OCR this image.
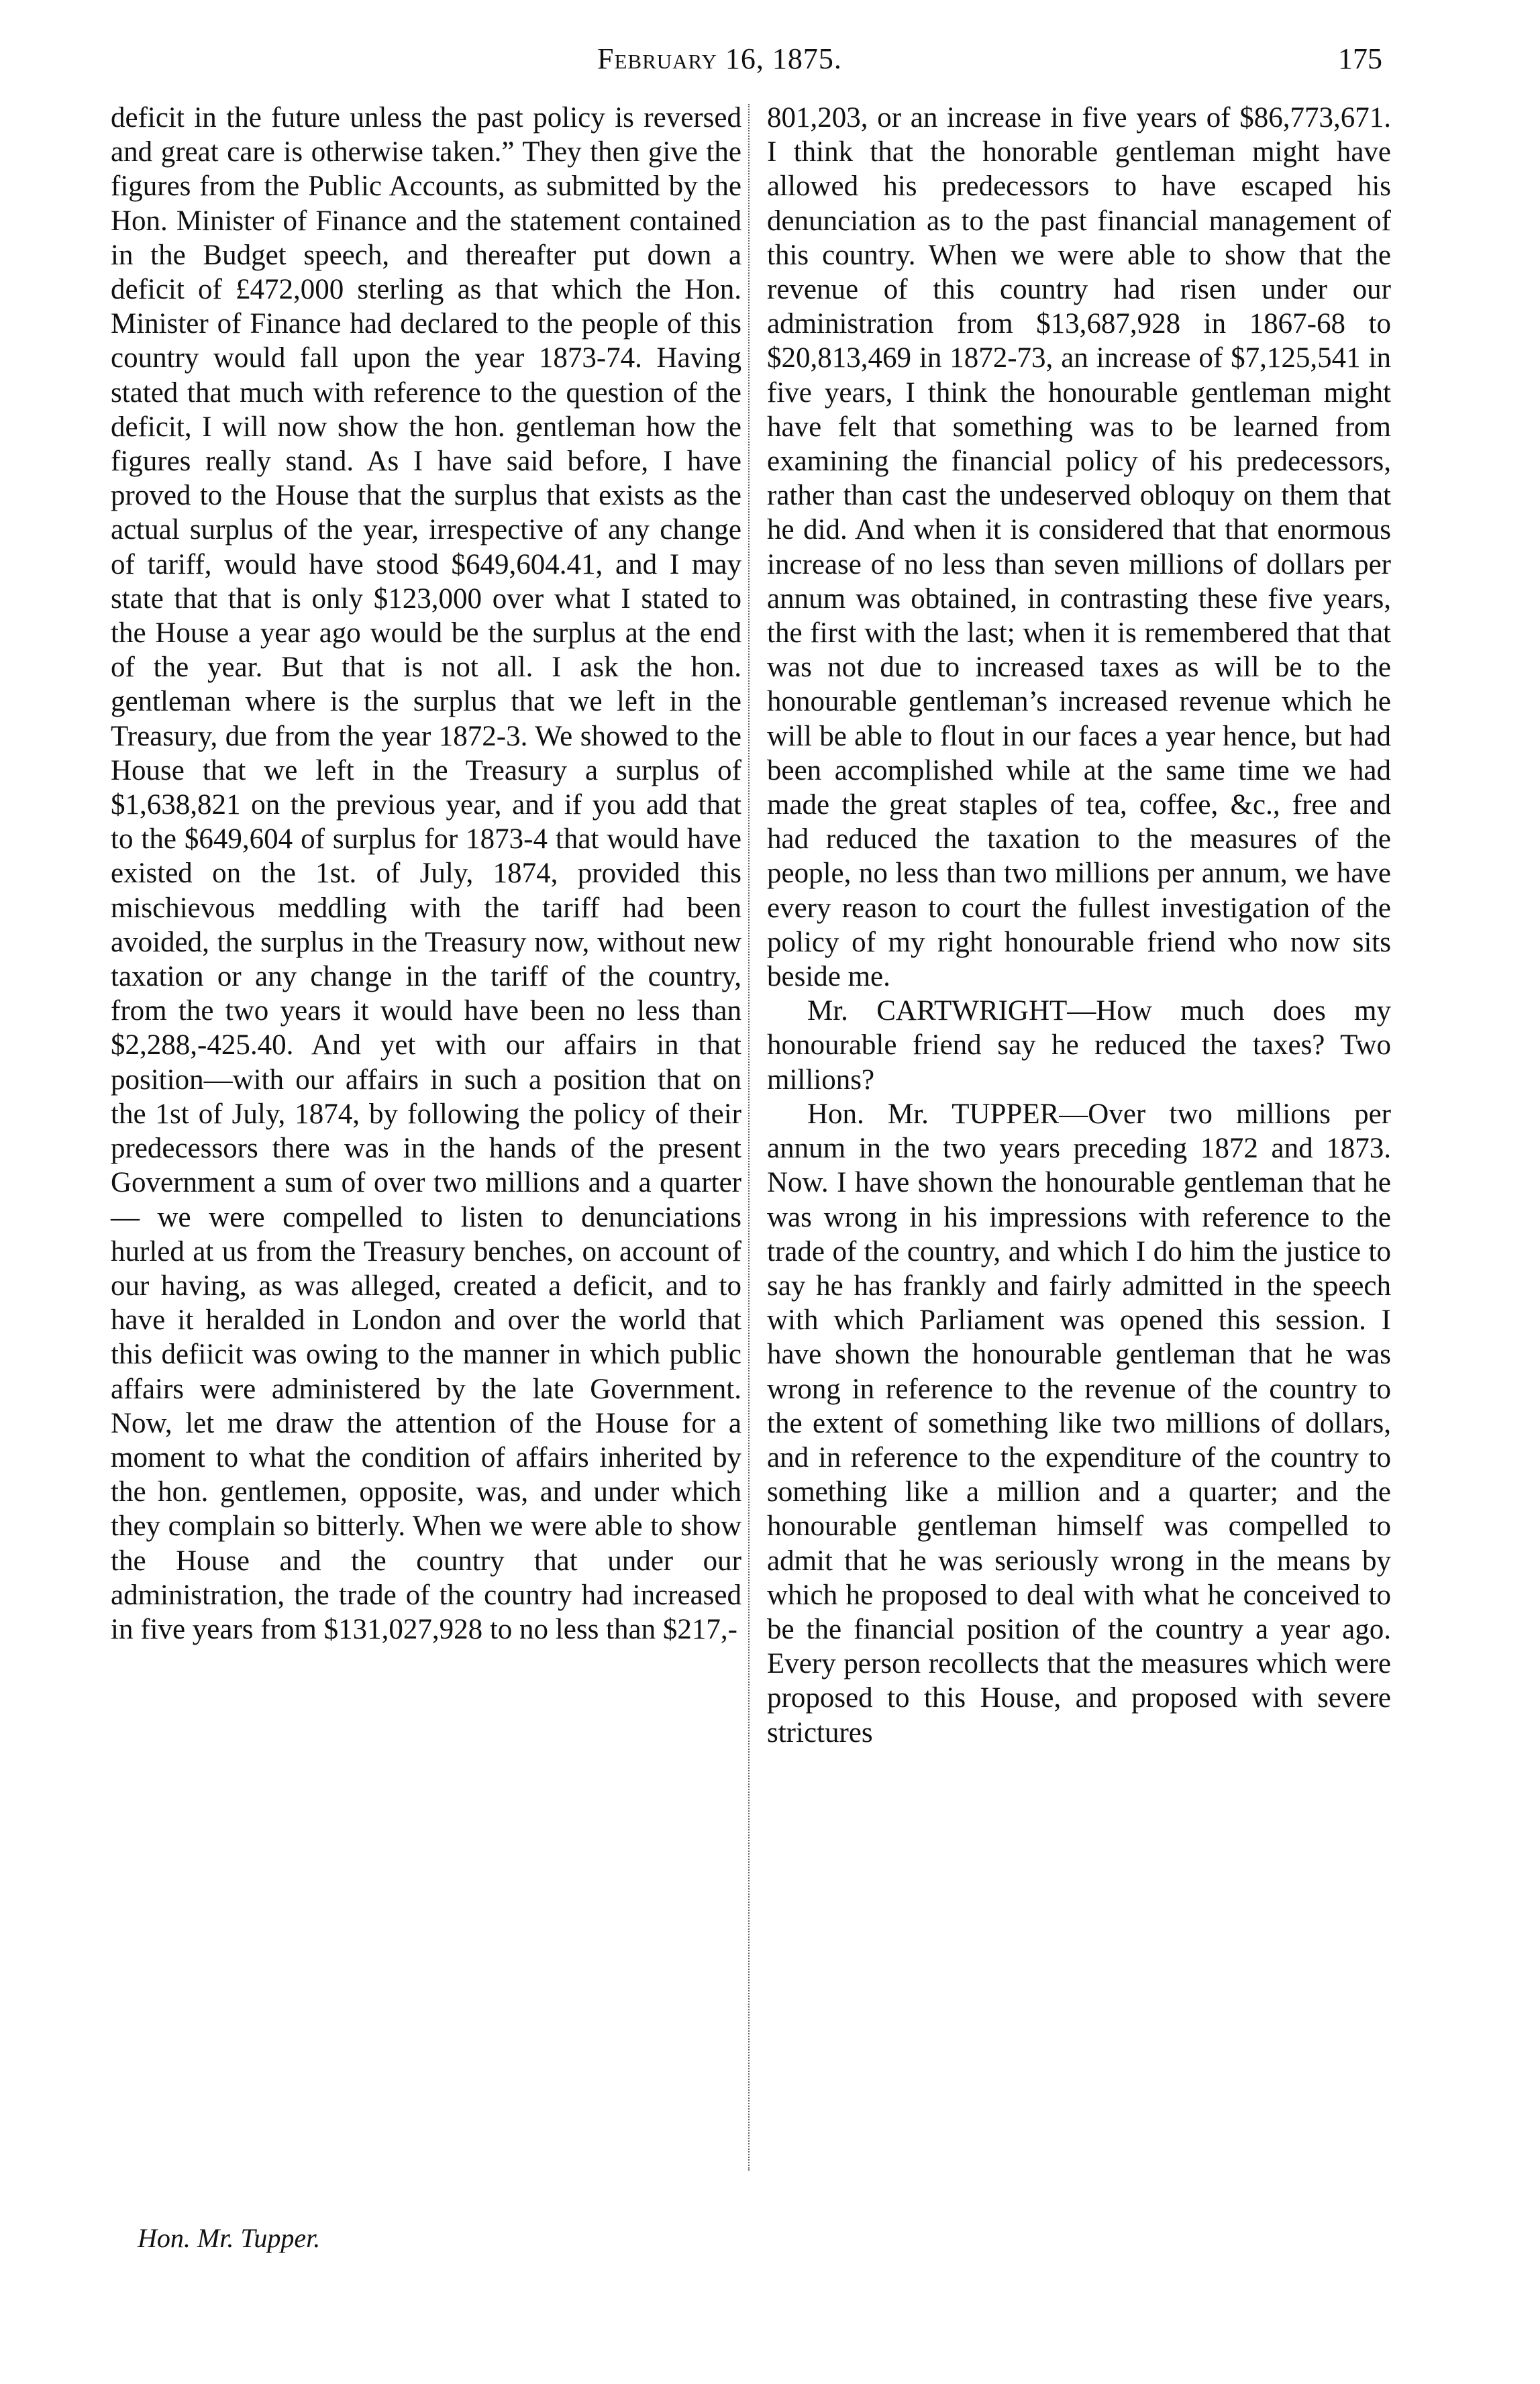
February 16, 1875.	175

deficit in the future unless the past policy is reversed and great care is otherwise taken.” They then give the figures from the Public Accounts, as submitted by the Hon. Minister of Finance and the statement contained in the Budget speech, and thereafter put down a deficit of £472,000 sterling as that which the Hon. Minister of Finance had declared to the people of this country would fall upon the year 1873-74. Having stated that much with reference to the question of the deficit, I will now show the hon. gentleman how the figures really stand. As I have said before, I have proved to the House that the surplus that exists as the actual surplus of the year, irrespective of any change of tariff, would have stood $649,604.41, and I may state that that is only $123,000 over what I stated to the House a year ago would be the surplus at the end of the year. But that is not all. I ask the hon. gentleman where is the surplus that we left in the Treasury, due from the year 1872-3. We showed to the House that we left in the Treasury a surplus of $1,638,821 on the previous year, and if you add that to the $649,604 of surplus for 1873-4 that would have existed on the 1st. of July, 1874, provided this mischievous meddling with the tariff had been avoided, the surplus in the Treasury now, without new taxation or any change in the tariff of the country, from the two years it would have been no less than $2,288,-425.40. And yet with our affairs in that position—with our affairs in such a position that on the 1st of July, 1874, by following the policy of their predecessors there was in the hands of the present Government a sum of over two millions and a quarter — we were compelled to listen to denunciations hurled at us from the Treasury benches, on account of our having, as was alleged, created a deficit, and to have it heralded in London and over the world that this defiicit was owing to the manner in which public affairs were administered by the late Government. Now, let me draw the attention of the House for a moment to what the condition of affairs inherited by the hon. gentlemen, opposite, was, and under which they complain so bitterly. When we were able to show the House and the country that under our administration, the trade of the country had increased in five years from $131,027,928 to no less than $217,-

801,203, or an increase in five years of $86,773,671. I think that the honorable gentleman might have allowed his predecessors to have escaped his denunciation as to the past financial management of this country. When we were able to show that the revenue of this country had risen under our administration from $13,687,928 in 1867-68 to $20,813,469 in 1872-73, an increase of $7,125,541 in five years, I think the honourable gentleman might have felt that something was to be learned from examining the financial policy of his predecessors, rather than cast the undeserved obloquy on them that he did. And when it is considered that that enormous increase of no less than seven millions of dollars per annum was obtained, in contrasting these five years, the first with the last; when it is remembered that that was not due to increased taxes as will be to the honourable gentleman’s increased revenue which he will be able to flout in our faces a year hence, but had been accomplished while at the same time we had made the great staples of tea, coffee, &c., free and had reduced the taxation to the measures of the people, no less than two millions per annum, we have every reason to court the fullest investigation of the policy of my right honourable friend who now sits beside me.

Mr. CARTWRIGHT—How much does my honourable friend say he reduced the taxes? Two millions?

Hon. Mr. TUPPER—Over two millions per annum in the two years preceding 1872 and 1873. Now. I have shown the honourable gentleman that he was wrong in his impressions with reference to the trade of the country, and which I do him the justice to say he has frankly and fairly admitted in the speech with which Parliament was opened this session. I have shown the honourable gentleman that he was wrong in reference to the revenue of the country to the extent of something like two millions of dollars, and in reference to the expenditure of the country to something like a million and a quarter; and the honourable gentleman himself was compelled to admit that he was seriously wrong in the means by which he proposed to deal with what he conceived to be the financial position of the country a year ago. Every person recollects that the measures which were proposed to this House, and proposed with severe strictures

Hon. Mr. Tupper.
